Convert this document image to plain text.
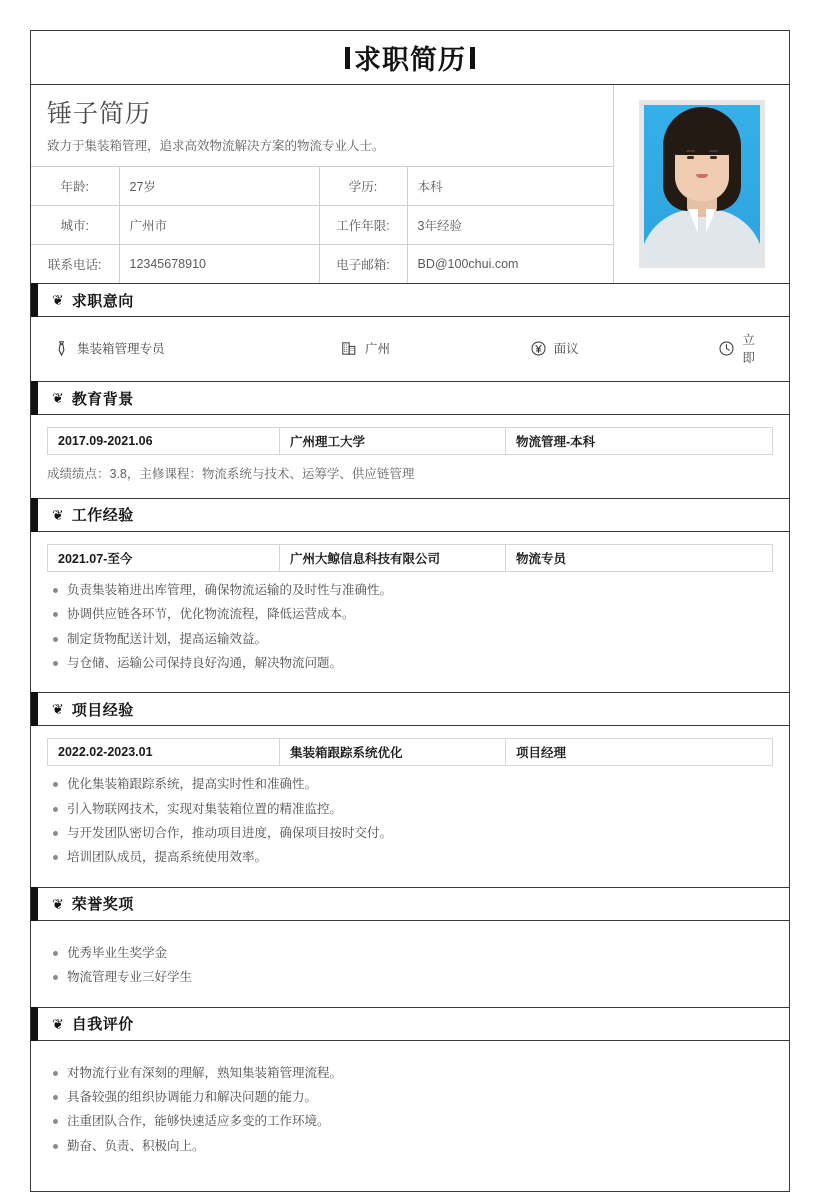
求职简历
锤子简历
致力于集装箱管理，追求高效物流解决方案的物流专业人士。
年龄:	27岁	学历:	本科
城市:	广州市	工作年限:	3年经验
联系电话:	12345678910	电子邮箱:	BD@100chui.com
❦ 求职意向
集装箱管理专员	广州	面议
立即
❦ 教育背景
2017.09-2021.06	广州理工大学	物流管理-本科
成绩绩点：3.8，主修课程：物流系统与技术、运筹学、供应链管理
❦ 工作经验
2021.07-至今	广州大鲸信息科技有限公司	物流专员
负责集装箱进出库管理，确保物流运输的及时性与准确性。
协调供应链各环节，优化物流流程，降低运营成本。
制定货物配送计划，提高运输效益。
与仓储、运输公司保持良好沟通，解决物流问题。
❦ 项目经验
2022.02-2023.01	集装箱跟踪系统优化	项目经理
优化集装箱跟踪系统，提高实时性和准确性。
引入物联网技术，实现对集装箱位置的精准监控。
与开发团队密切合作，推动项目进度，确保项目按时交付。
培训团队成员，提高系统使用效率。
❦ 荣誉奖项
优秀毕业生奖学金
物流管理专业三好学生
❦ 自我评价
对物流行业有深刻的理解，熟知集装箱管理流程。
具备较强的组织协调能力和解决问题的能力。
注重团队合作，能够快速适应多变的工作环境。
勤奋、负责、积极向上。
